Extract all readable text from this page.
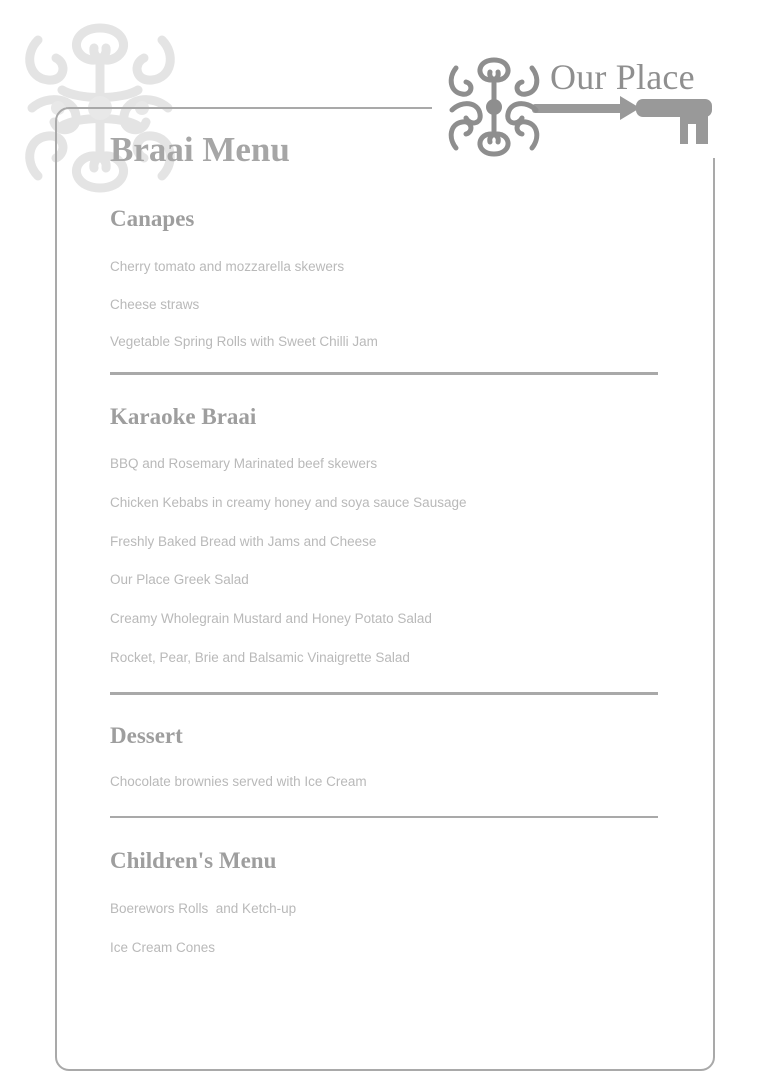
Our Place
Braai Menu
Canapes
Cherry tomato and mozzarella skewers
Cheese straws
Vegetable Spring Rolls with Sweet Chilli Jam
Karaoke Braai
BBQ and Rosemary Marinated beef skewers
Chicken Kebabs in creamy honey and soya sauce Sausage
Freshly Baked Bread with Jams and Cheese
Our Place Greek Salad
Creamy Wholegrain Mustard and Honey Potato Salad
Rocket, Pear, Brie and Balsamic Vinaigrette Salad
Dessert
Chocolate brownies served with Ice Cream
Children's Menu
Boerewors Rolls  and Ketch-up
Ice Cream Cones
